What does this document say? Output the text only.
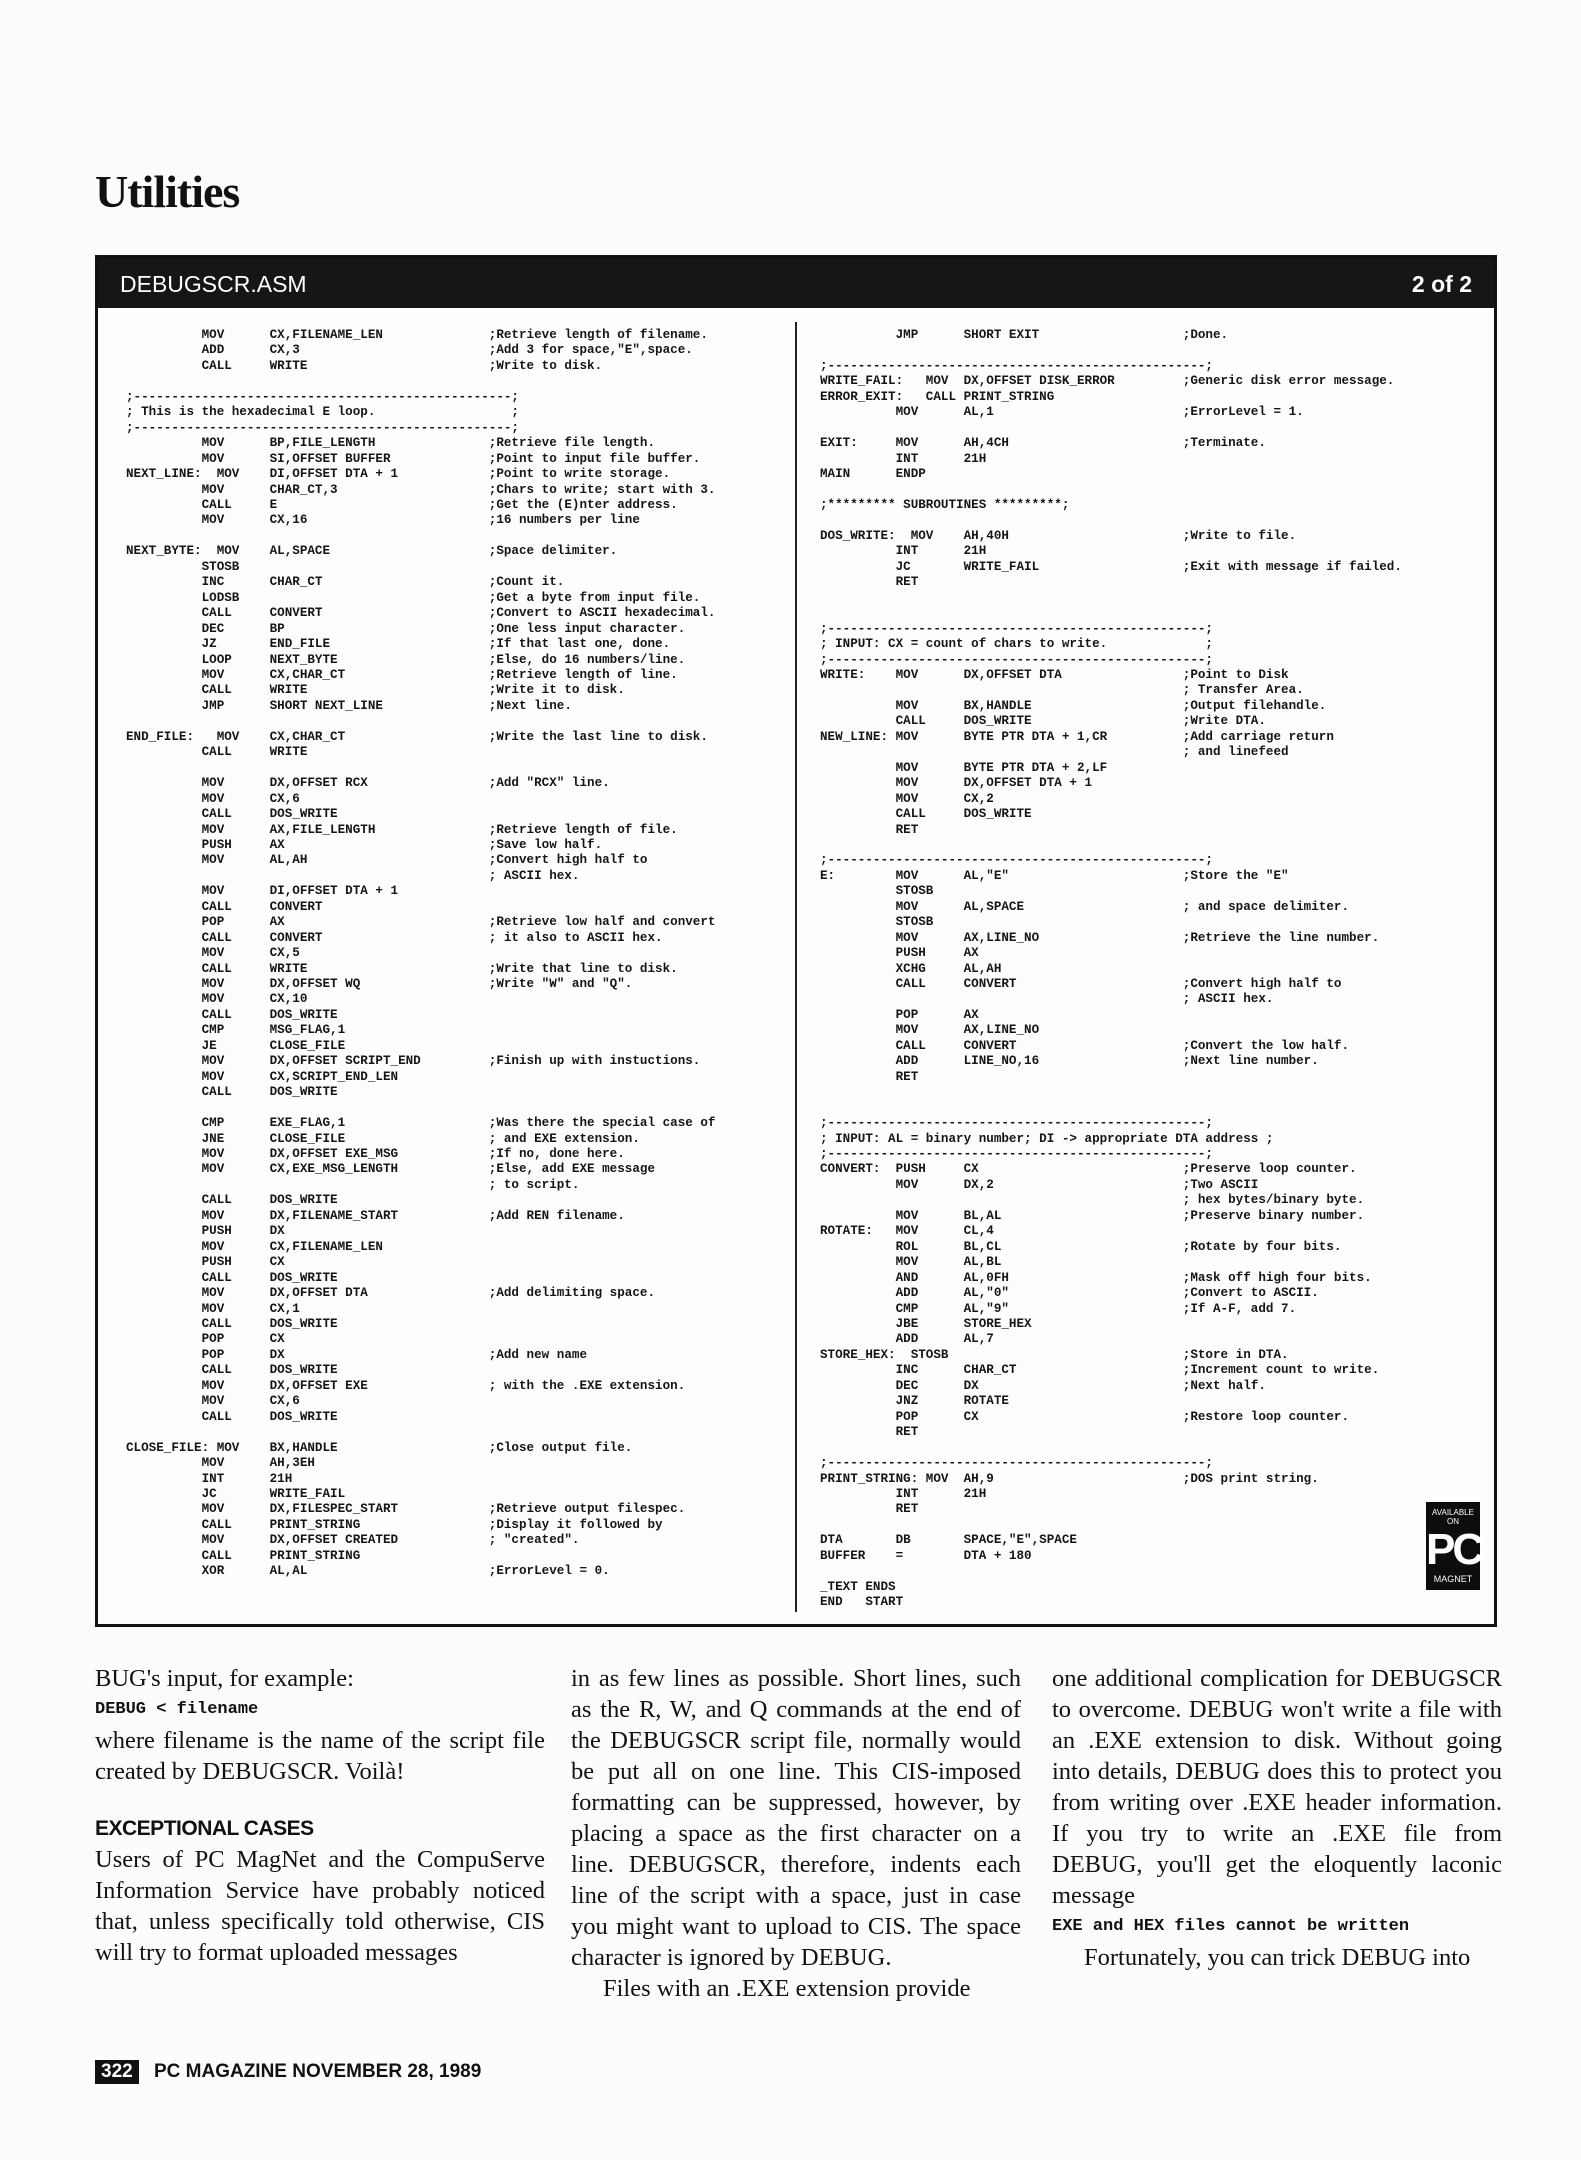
Utilities
DEBUGSCR.ASM	2 of 2
MOV      CX,FILENAME_LEN              ;Retrieve length of filename.
ADD      CX,3                         ;Add 3 for space,"E",space.
CALL     WRITE                        ;Write to disk.

;--------------------------------------------------;
; This is the hexadecimal E loop.                  ;
;--------------------------------------------------;
MOV      BP,FILE_LENGTH               ;Retrieve file length.
MOV      SI,OFFSET BUFFER             ;Point to input file buffer.
NEXT_LINE:  MOV    DI,OFFSET DTA + 1            ;Point to write storage.
MOV      CHAR_CT,3                    ;Chars to write; start with 3.
CALL     E                            ;Get the (E)nter address.
MOV      CX,16                        ;16 numbers per line

NEXT_BYTE:  MOV    AL,SPACE                     ;Space delimiter.
STOSB
INC      CHAR_CT                      ;Count it.
LODSB                                 ;Get a byte from input file.
CALL     CONVERT                      ;Convert to ASCII hexadecimal.
DEC      BP                           ;One less input character.
JZ       END_FILE                     ;If that last one, done.
LOOP     NEXT_BYTE                    ;Else, do 16 numbers/line.
MOV      CX,CHAR_CT                   ;Retrieve length of line.
CALL     WRITE                        ;Write it to disk.
JMP      SHORT NEXT_LINE              ;Next line.

END_FILE:   MOV    CX,CHAR_CT                   ;Write the last line to disk.
CALL     WRITE

MOV      DX,OFFSET RCX                ;Add "RCX" line.
MOV      CX,6
CALL     DOS_WRITE
MOV      AX,FILE_LENGTH               ;Retrieve length of file.
PUSH     AX                           ;Save low half.
MOV      AL,AH                        ;Convert high half to
; ASCII hex.
MOV      DI,OFFSET DTA + 1
CALL     CONVERT
POP      AX                           ;Retrieve low half and convert
CALL     CONVERT                      ; it also to ASCII hex.
MOV      CX,5
CALL     WRITE                        ;Write that line to disk.
MOV      DX,OFFSET WQ                 ;Write "W" and "Q".
MOV      CX,10
CALL     DOS_WRITE
CMP      MSG_FLAG,1
JE       CLOSE_FILE
MOV      DX,OFFSET SCRIPT_END         ;Finish up with instuctions.
MOV      CX,SCRIPT_END_LEN
CALL     DOS_WRITE

CMP      EXE_FLAG,1                   ;Was there the special case of
JNE      CLOSE_FILE                   ; and EXE extension.
MOV      DX,OFFSET EXE_MSG            ;If no, done here.
MOV      CX,EXE_MSG_LENGTH            ;Else, add EXE message
; to script.
CALL     DOS_WRITE
MOV      DX,FILENAME_START            ;Add REN filename.
PUSH     DX
MOV      CX,FILENAME_LEN
PUSH     CX
CALL     DOS_WRITE
MOV      DX,OFFSET DTA                ;Add delimiting space.
MOV      CX,1
CALL     DOS_WRITE
POP      CX
POP      DX                           ;Add new name
CALL     DOS_WRITE
MOV      DX,OFFSET EXE                ; with the .EXE extension.
MOV      CX,6
CALL     DOS_WRITE

CLOSE_FILE: MOV    BX,HANDLE                    ;Close output file.
MOV      AH,3EH
INT      21H
JC       WRITE_FAIL
MOV      DX,FILESPEC_START            ;Retrieve output filespec.
CALL     PRINT_STRING                 ;Display it followed by
MOV      DX,OFFSET CREATED            ; "created".
CALL     PRINT_STRING
XOR      AL,AL                        ;ErrorLevel = 0.
JMP      SHORT EXIT                   ;Done.

;--------------------------------------------------;
WRITE_FAIL:   MOV  DX,OFFSET DISK_ERROR         ;Generic disk error message.
ERROR_EXIT:   CALL PRINT_STRING
MOV      AL,1                         ;ErrorLevel = 1.

EXIT:     MOV      AH,4CH                       ;Terminate.
INT      21H
MAIN      ENDP

;********* SUBROUTINES *********;

DOS_WRITE:  MOV    AH,40H                       ;Write to file.
INT      21H
JC       WRITE_FAIL                   ;Exit with message if failed.
RET

;--------------------------------------------------;
; INPUT: CX = count of chars to write.             ;
;--------------------------------------------------;
WRITE:    MOV      DX,OFFSET DTA                ;Point to Disk
; Transfer Area.
MOV      BX,HANDLE                    ;Output filehandle.
CALL     DOS_WRITE                    ;Write DTA.
NEW_LINE: MOV      BYTE PTR DTA + 1,CR          ;Add carriage return
; and linefeed
MOV      BYTE PTR DTA + 2,LF
MOV      DX,OFFSET DTA + 1
MOV      CX,2
CALL     DOS_WRITE
RET

;--------------------------------------------------;
E:        MOV      AL,"E"                       ;Store the "E"
STOSB
MOV      AL,SPACE                     ; and space delimiter.
STOSB
MOV      AX,LINE_NO                   ;Retrieve the line number.
PUSH     AX
XCHG     AL,AH
CALL     CONVERT                      ;Convert high half to
; ASCII hex.
POP      AX
MOV      AX,LINE_NO
CALL     CONVERT                      ;Convert the low half.
ADD      LINE_NO,16                   ;Next line number.
RET

;--------------------------------------------------;
; INPUT: AL = binary number; DI -> appropriate DTA address ;
;--------------------------------------------------;
CONVERT:  PUSH     CX                           ;Preserve loop counter.
MOV      DX,2                         ;Two ASCII
; hex bytes/binary byte.
MOV      BL,AL                        ;Preserve binary number.
ROTATE:   MOV      CL,4
ROL      BL,CL                        ;Rotate by four bits.
MOV      AL,BL
AND      AL,0FH                       ;Mask off high four bits.
ADD      AL,"0"                       ;Convert to ASCII.
CMP      AL,"9"                       ;If A-F, add 7.
JBE      STORE_HEX
ADD      AL,7
STORE_HEX:  STOSB                               ;Store in DTA.
INC      CHAR_CT                      ;Increment count to write.
DEC      DX                           ;Next half.
JNZ      ROTATE
POP      CX                           ;Restore loop counter.
RET

;--------------------------------------------------;
PRINT_STRING: MOV  AH,9                         ;DOS print string.
INT      21H
RET

DTA       DB       SPACE,"E",SPACE
BUFFER    =        DTA + 180

_TEXT ENDS
END   START
AVAILABLE ON
PC
MAGNET

BUG's input, for example:

DEBUG < filename

where filename is the name of the script file created by DEBUGSCR. Voilà!

EXCEPTIONAL CASES

Users of PC MagNet and the CompuServe Information Service have probably noticed that, unless specifically told otherwise, CIS will try to format uploaded messages

in as few lines as possible. Short lines, such as the R, W, and Q commands at the end of the DEBUGSCR script file, normally would be put all on one line. This CIS-imposed formatting can be suppressed, however, by placing a space as the first character on a line. DEBUGSCR, therefore, indents each line of the script with a space, just in case you might want to upload to CIS. The space character is ignored by DEBUG.

Files with an .EXE extension provide

one additional complication for DEBUGSCR to overcome. DEBUG won't write a file with an .EXE extension to disk. Without going into details, DEBUG does this to protect you from writing over .EXE header information. If you try to write an .EXE file from DEBUG, you'll get the eloquently laconic message

EXE and HEX files cannot be written

Fortunately, you can trick DEBUG into

322 PC MAGAZINE NOVEMBER 28, 1989
